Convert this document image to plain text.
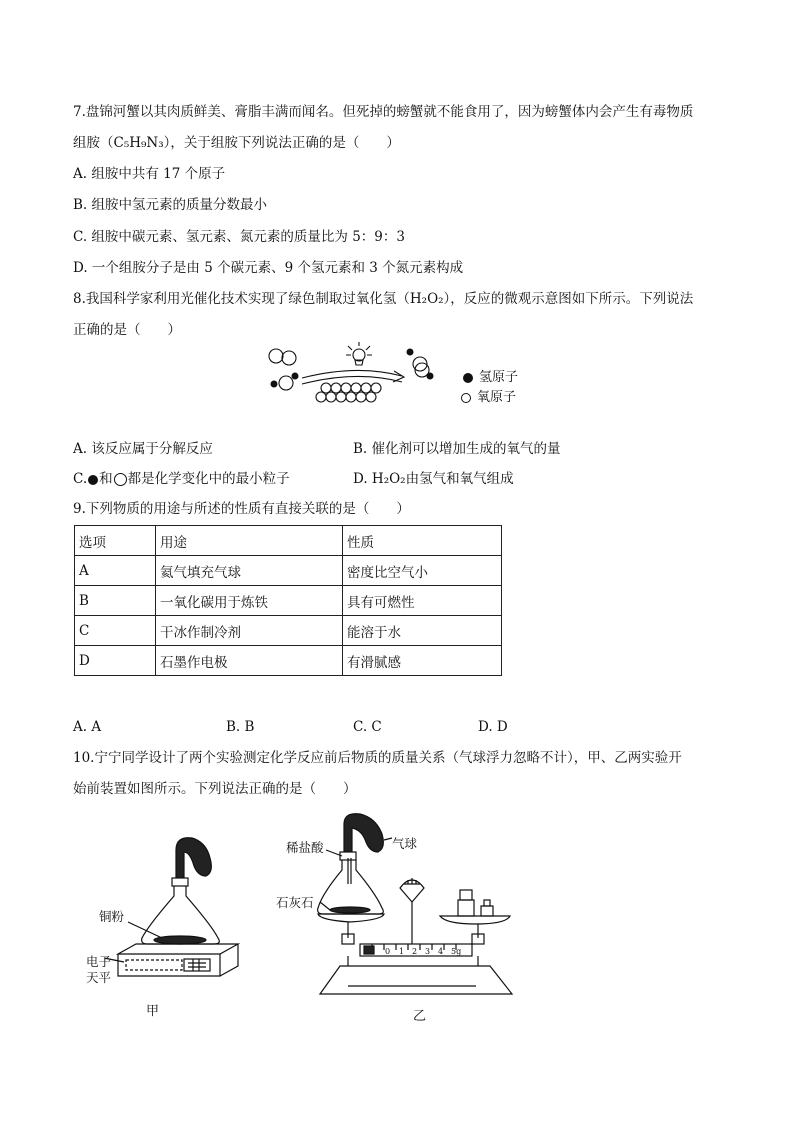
7.盘锦河蟹以其肉质鲜美、膏脂丰满而闻名。但死掉的螃蟹就不能食用了，因为螃蟹体内会产生有毒物质
组胺（C₅H₉N₃），关于组胺下列说法正确的是（　　）
A. 组胺中共有 17 个原子
B. 组胺中氢元素的质量分数最小
C. 组胺中碳元素、氢元素、氮元素的质量比为 5：9：3
D. 一个组胺分子是由 5 个碳元素、9 个氢元素和 3 个氮元素构成
8.我国科学家利用光催化技术实现了绿色制取过氧化氢（H₂O₂），反应的微观示意图如下所示。下列说法
正确的是（　　）
氢原子
氧原子
A. 该反应属于分解反应	B. 催化剂可以增加生成的氧气的量
C. 和 都是化学变化中的最小粒子	D. H₂O₂由氢气和氧气组成
9.下列物质的用途与所述的性质有直接关联的是（　　）
选项	用途	性质
A	氦气填充气球	密度比空气小
B	一氧化碳用于炼铁	具有可燃性
C	干冰作制冷剂	能溶于水
D	石墨作电极	有滑腻感
A. A	B. B	C. C	D. D
10.宁宁同学设计了两个实验测定化学反应前后物质的质量关系（气球浮力忽略不计），甲、乙两实验开
始前装置如图所示。下列说法正确的是（　　）
铜粉
电子
天平
甲
稀盐酸	气球
石灰石
0 1 2 3 4 5g
乙
